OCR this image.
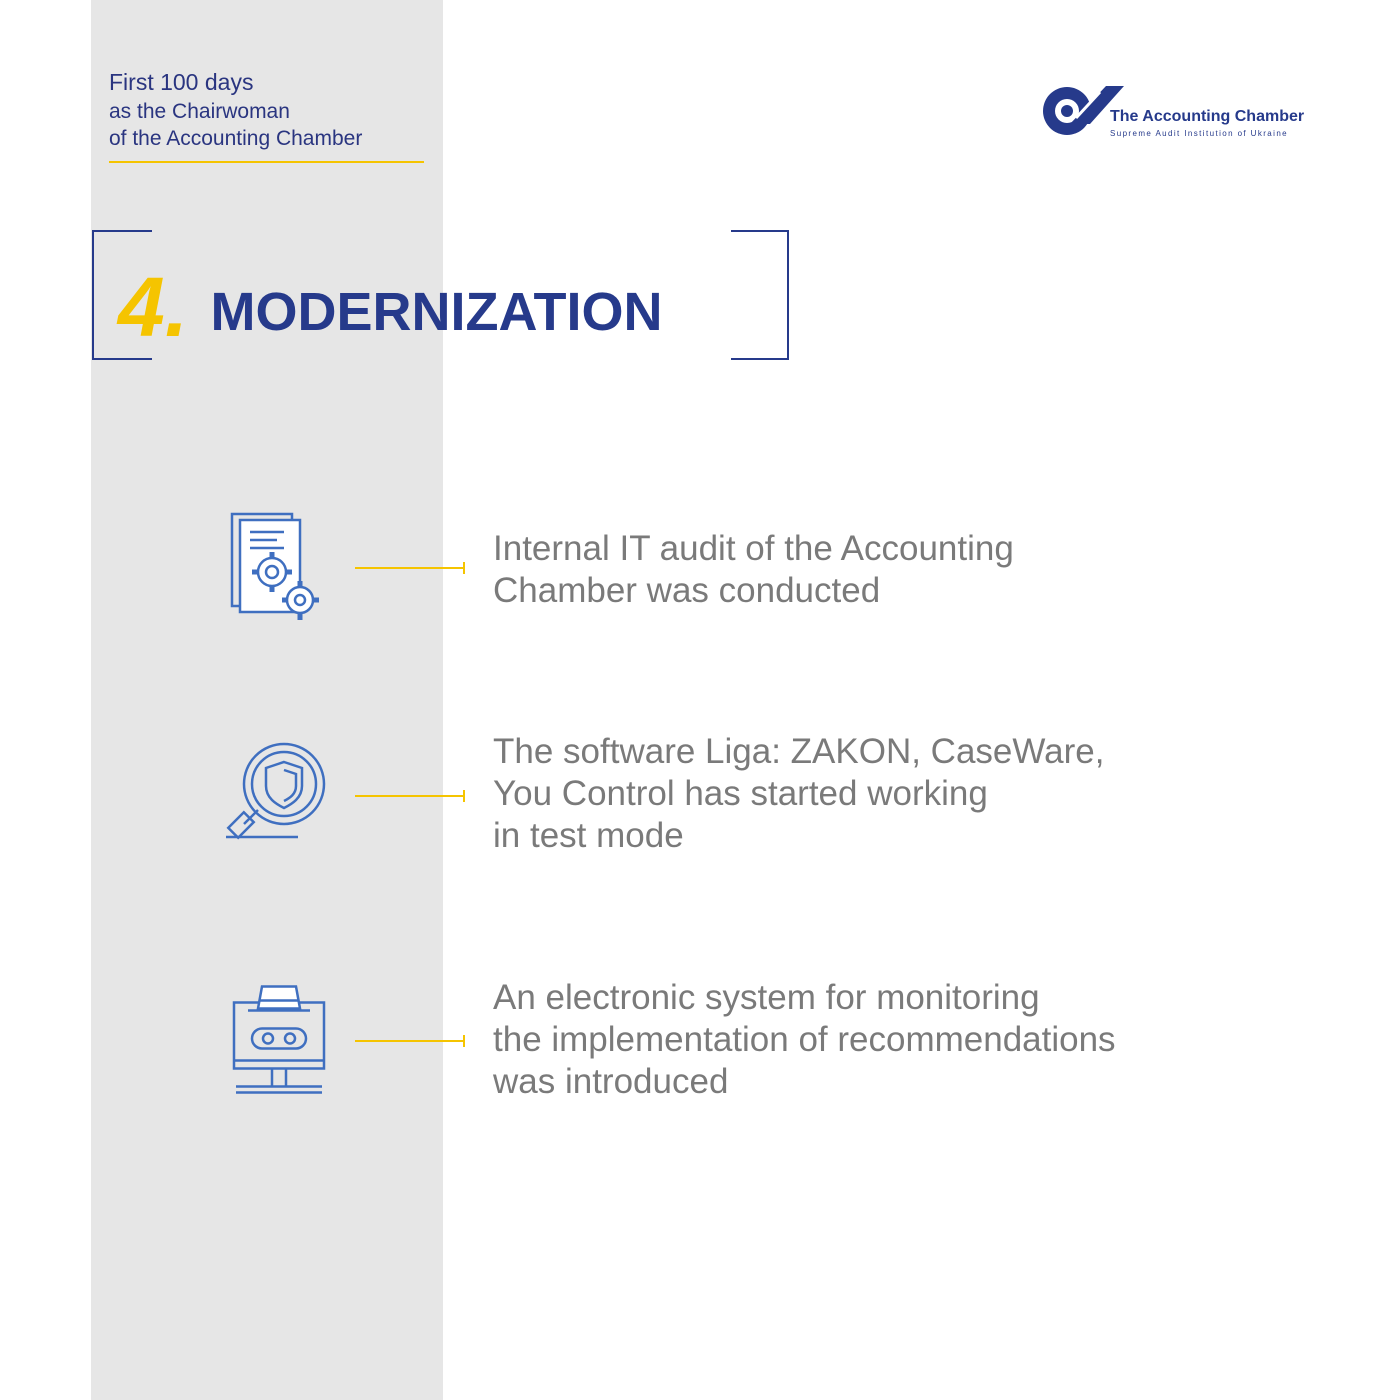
First 100 days
as the Chairwoman
of the Accounting Chamber
The Accounting Chamber
Supreme Audit Institution of Ukraine
4. MODERNIZATION
Internal IT audit of the Accounting
Chamber was conducted
The software Liga: ZAKON, CaseWare,
You Control has started working
in test mode
An electronic system for monitoring
the implementation of recommendations
was introduced
